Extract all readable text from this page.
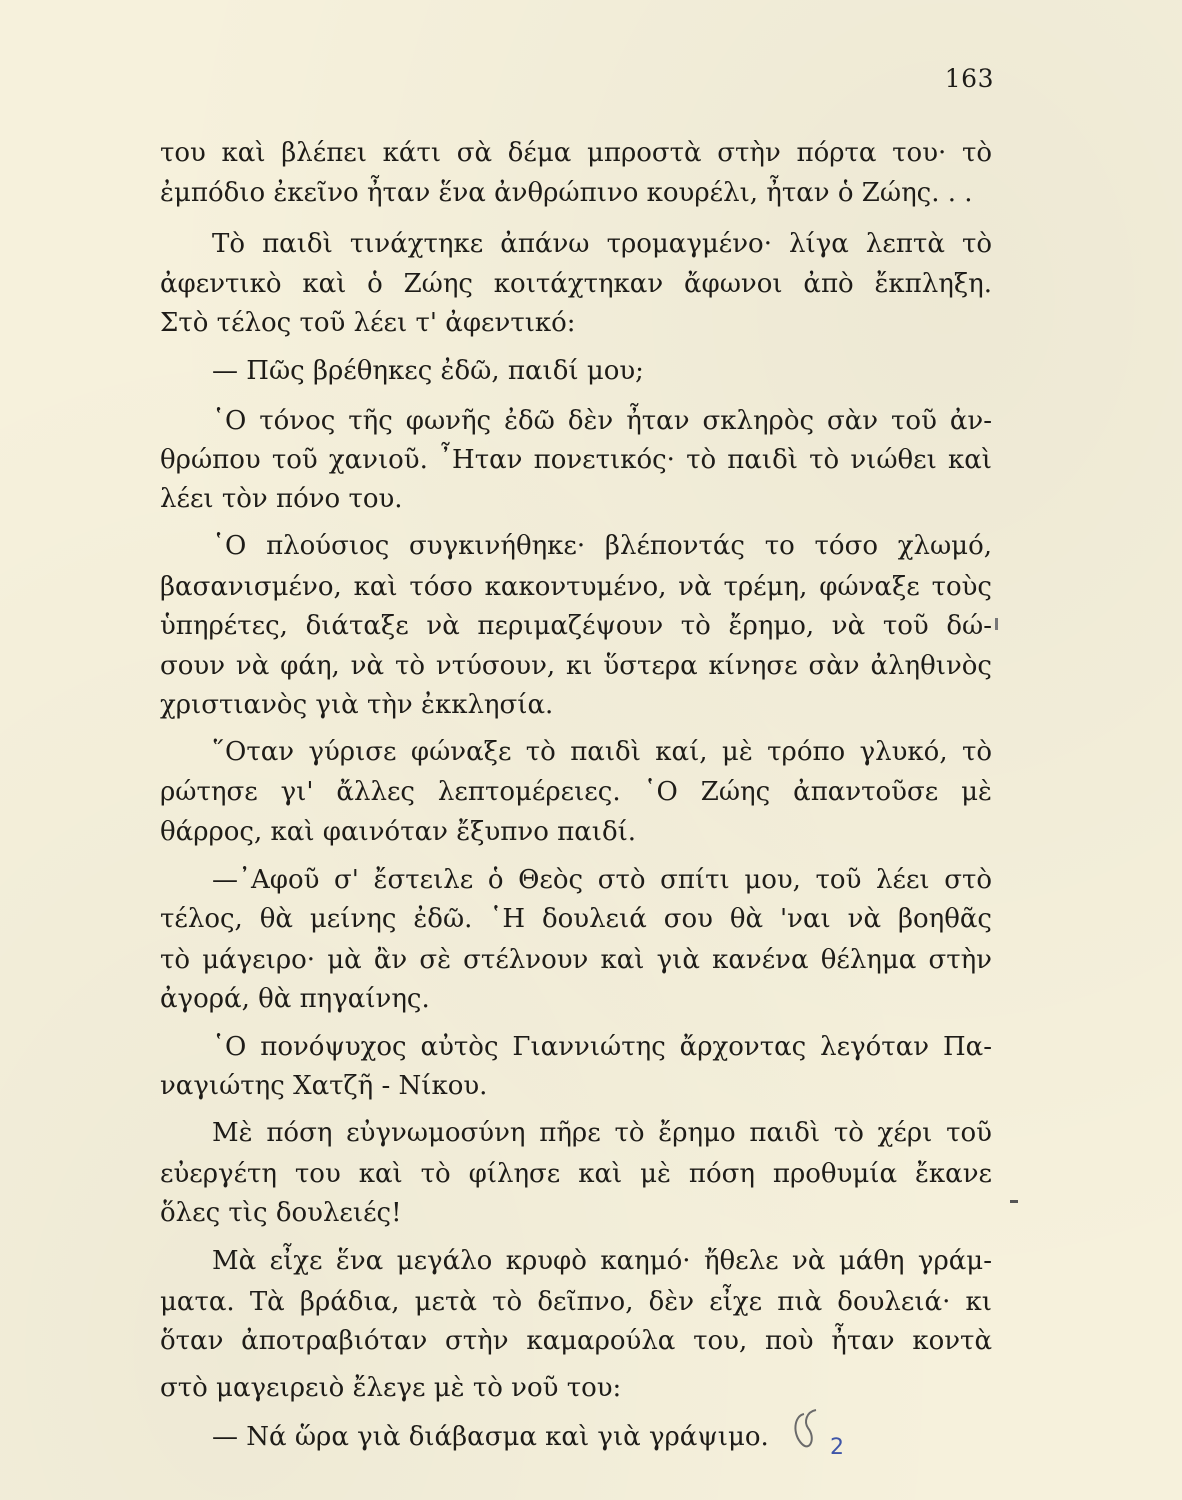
163
του καὶ βλέπει κάτι σὰ δέμα μπροστὰ στὴν πόρτα του· τὸ
ἐμπόδιο ἐκεῖνο ἦταν ἕνα ἀνθρώπινο κουρέλι, ἦταν ὁ Ζώης. . .
Τὸ παιδὶ τινάχτηκε ἀπάνω τρομαγμένο· λίγα λεπτὰ τὸ
ἀφεντικὸ καὶ ὁ Ζώης κοιτάχτηκαν ἄφωνοι ἀπὸ ἔκπληξη.
Στὸ τέλος τοῦ λέει τ' ἀφεντικό:
— Πῶς βρέθηκες ἐδῶ, παιδί μου;
῾Ο τόνος τῆς φωνῆς ἐδῶ δὲν ἦταν σκληρὸς σὰν τοῦ ἀν-
θρώπου τοῦ χανιοῦ. ῏Ηταν πονετικός· τὸ παιδὶ τὸ νιώθει καὶ
λέει τὸν πόνο του.
῾Ο πλούσιος συγκινήθηκε· βλέποντάς το τόσο χλωμό,
βασανισμένο, καὶ τόσο κακοντυμένο, νὰ τρέμη, φώναξε τοὺς
ὑπηρέτες, διάταξε νὰ περιμαζέψουν τὸ ἔρημο, νὰ τοῦ δώ-
σουν νὰ φάη, νὰ τὸ ντύσουν, κι ὕστερα κίνησε σὰν ἀληθινὸς
χριστιανὸς γιὰ τὴν ἐκκλησία.
῞Οταν γύρισε φώναξε τὸ παιδὶ καί, μὲ τρόπο γλυκό, τὸ
ρώτησε γι' ἄλλες λεπτομέρειες. ῾Ο Ζώης ἀπαντοῦσε μὲ
θάρρος, καὶ φαινόταν ἔξυπνο παιδί.
—᾿Αφοῦ σ' ἔστειλε ὁ Θεὸς στὸ σπίτι μου, τοῦ λέει στὸ
τέλος, θὰ μείνης ἐδῶ. ῾Η δουλειά σου θὰ 'ναι νὰ βοηθᾶς
τὸ μάγειρο· μὰ ἂν σὲ στέλνουν καὶ γιὰ κανένα θέλημα στὴν
ἀγορά, θὰ πηγαίνης.
῾Ο πονόψυχος αὐτὸς Γιαννιώτης ἄρχοντας λεγόταν Πα-
ναγιώτης Χατζῆ - Νίκου.
Μὲ πόση εὐγνωμοσύνη πῆρε τὸ ἔρημο παιδὶ τὸ χέρι τοῦ
εὐεργέτη του καὶ τὸ φίλησε καὶ μὲ πόση προθυμία ἔκανε
ὅλες τὶς δουλειές!
Μὰ εἶχε ἕνα μεγάλο κρυφὸ καημό· ἤθελε νὰ μάθη γράμ-
ματα. Τὰ βράδια, μετὰ τὸ δεῖπνο, δὲν εἶχε πιὰ δουλειά· κι
ὅταν ἀποτραβιόταν στὴν καμαρούλα του, ποὺ ἦταν κοντὰ
2
στὸ μαγειρειὸ ἔλεγε μὲ τὸ νοῦ του:
— Νά ὥρα γιὰ διάβασμα καὶ γιὰ γράψιμο.
